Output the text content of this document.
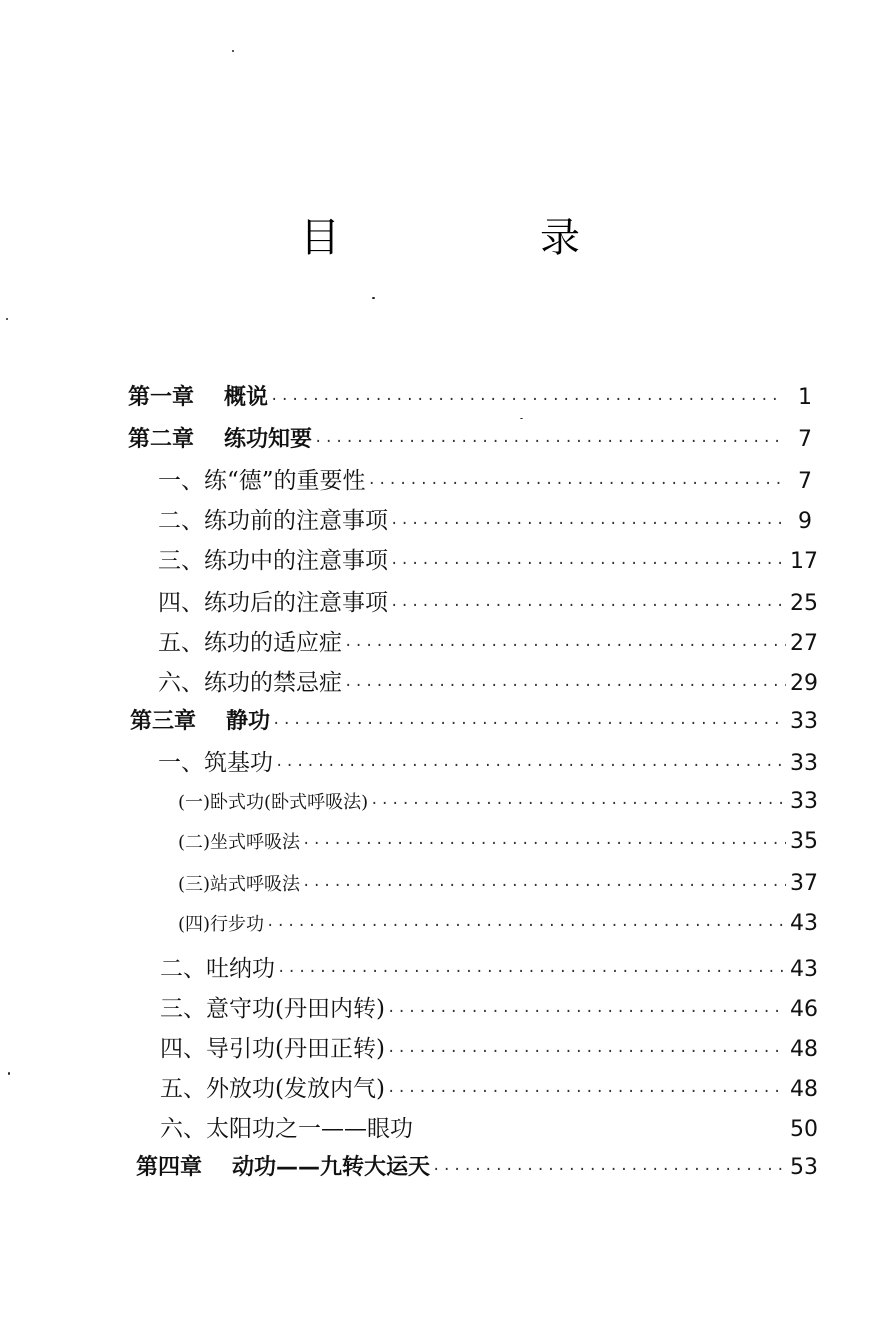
目　录
第一章 概说 ·····	1
第二章 练功知要 ·····	7
一、练“德”的重要性 ·····	7
二、练功前的注意事项 ·····	9
三、练功中的注意事项 ·····	17
四、练功后的注意事项 ·····	25
五、练功的适应症 ·····	27
六、练功的禁忌症 ·····	29
第三章 静功 ·····	33
一、筑基功 ·····	33
(一)卧式功(卧式呼吸法) ·····	33
(二)坐式呼吸法 ·····	35
(三)站式呼吸法 ·····	37
(四)行步功 ·····	43
二、吐纳功 ·····	43
三、意守功(丹田内转) ·····	46
四、导引功(丹田正转) ·····	48
五、外放功(发放内气) ·····	48
六、太阳功之一——眼功	50
第四章 动功——九转大运天 ·····	53
